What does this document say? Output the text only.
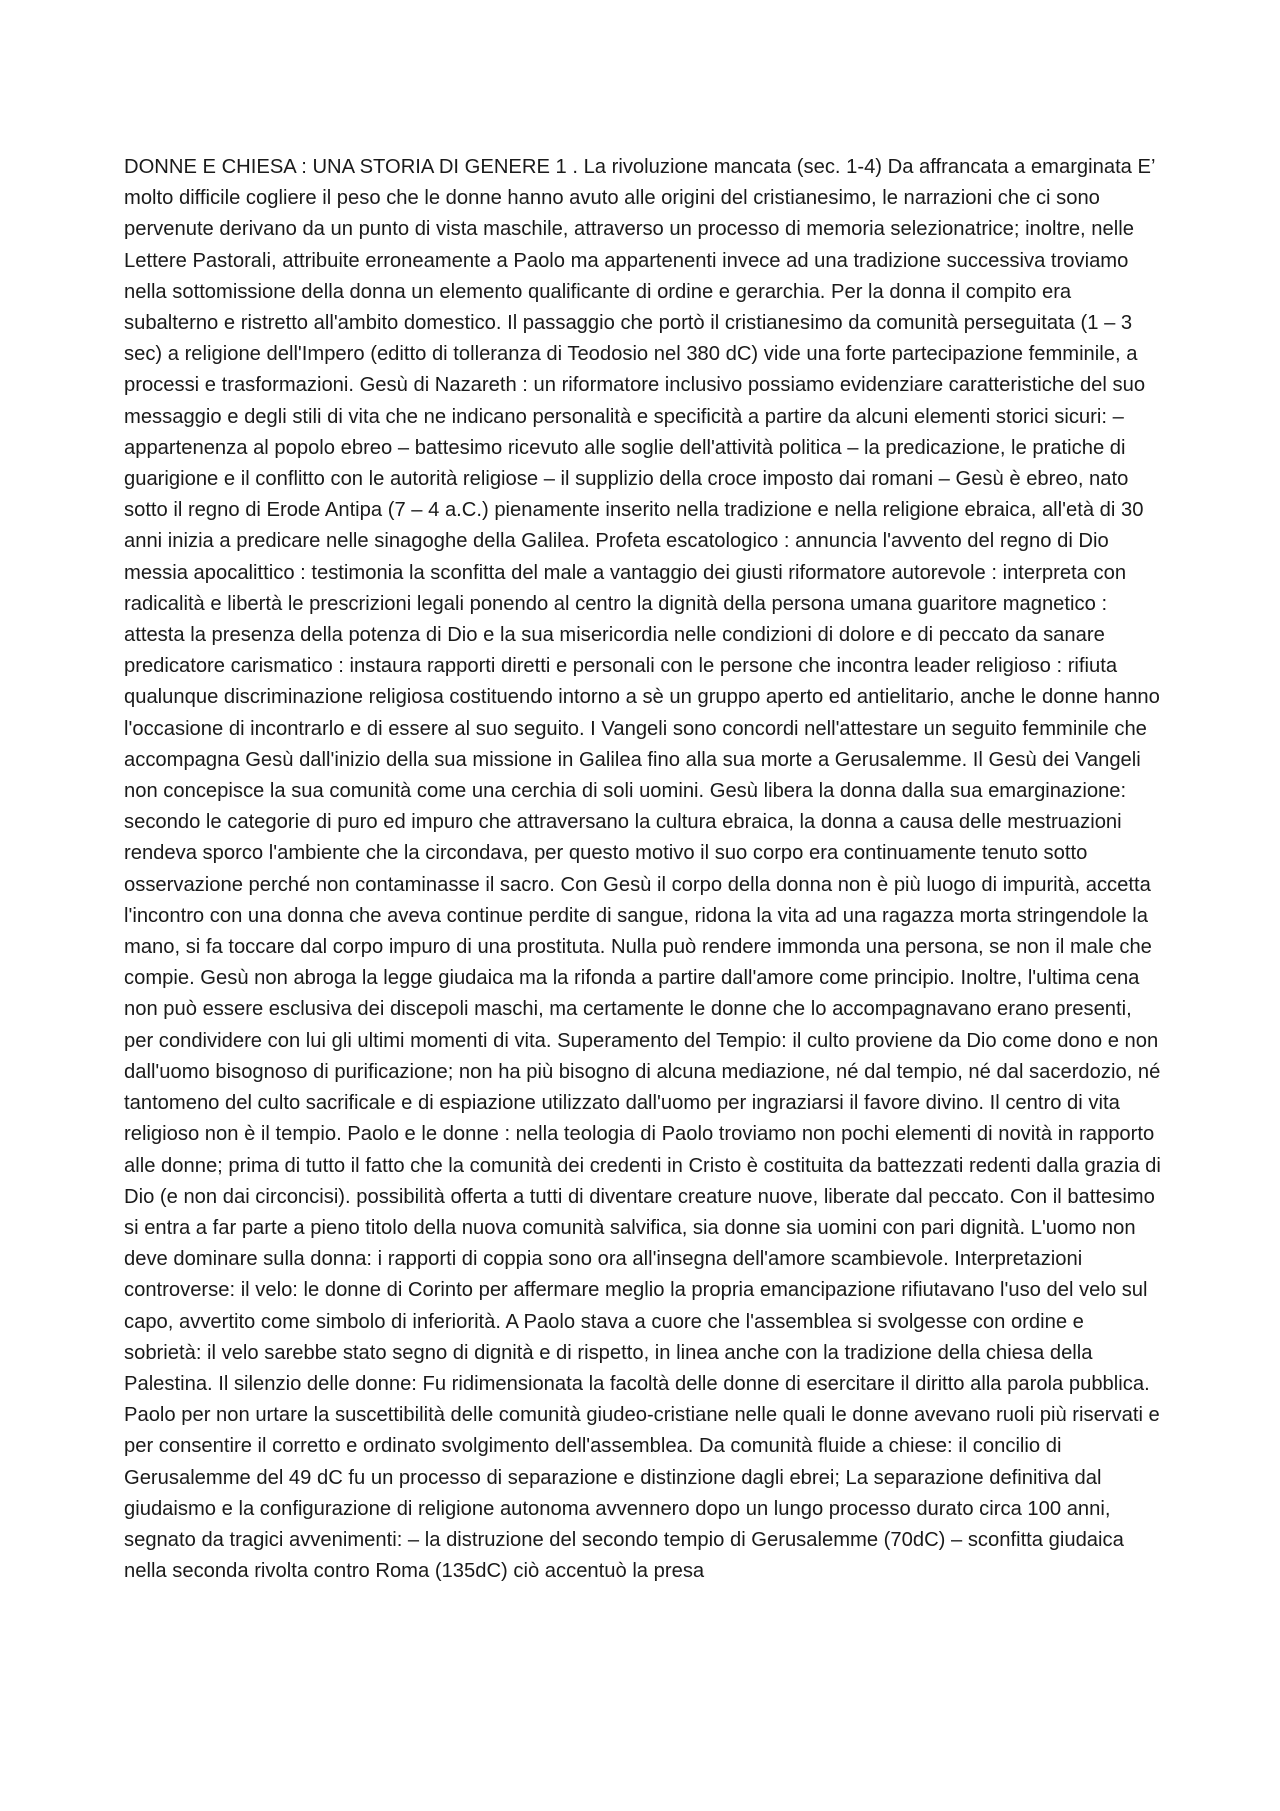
DONNE E CHIESA : UNA STORIA DI GENERE 1 . La rivoluzione mancata (sec. 1-4) Da affrancata a emarginata E’ molto difficile cogliere il peso che le donne hanno avuto alle origini del cristianesimo, le narrazioni che ci sono pervenute derivano da un punto di vista maschile, attraverso un processo di memoria selezionatrice; inoltre, nelle Lettere Pastorali, attribuite erroneamente a Paolo ma appartenenti invece ad una tradizione successiva troviamo nella sottomissione della donna un elemento qualificante di ordine e gerarchia. Per la donna il compito era subalterno e ristretto all'ambito domestico. Il passaggio che portò il cristianesimo da comunità perseguitata (1 – 3 sec) a religione dell'Impero (editto di tolleranza di Teodosio nel 380 dC) vide una forte partecipazione femminile, a processi e trasformazioni. Gesù di Nazareth : un riformatore inclusivo possiamo evidenziare caratteristiche del suo messaggio e degli stili di vita che ne indicano personalità e specificità a partire da alcuni elementi storici sicuri: – appartenenza al popolo ebreo – battesimo ricevuto alle soglie dell'attività politica – la predicazione, le pratiche di guarigione e il conflitto con le autorità religiose – il supplizio della croce imposto dai romani – Gesù è ebreo, nato sotto il regno di Erode Antipa (7 – 4 a.C.) pienamente inserito nella tradizione e nella religione ebraica, all'età di 30 anni inizia a predicare nelle sinagoghe della Galilea. Profeta escatologico : annuncia l'avvento del regno di Dio messia apocalittico : testimonia la sconfitta del male a vantaggio dei giusti riformatore autorevole : interpreta con radicalità e libertà le prescrizioni legali ponendo al centro la dignità della persona umana guaritore magnetico : attesta la presenza della potenza di Dio e la sua misericordia nelle condizioni di dolore e di peccato da sanare predicatore carismatico : instaura rapporti diretti e personali con le persone che incontra leader religioso : rifiuta qualunque discriminazione religiosa costituendo intorno a sè un gruppo aperto ed antielitario, anche le donne hanno l'occasione di incontrarlo e di essere al suo seguito. I Vangeli sono concordi nell'attestare un seguito femminile che accompagna Gesù dall'inizio della sua missione in Galilea fino alla sua morte a Gerusalemme. Il Gesù dei Vangeli non concepisce la sua comunità come una cerchia di soli uomini. Gesù libera la donna dalla sua emarginazione: secondo le categorie di puro ed impuro che attraversano la cultura ebraica, la donna a causa delle mestruazioni rendeva sporco l'ambiente che la circondava, per questo motivo il suo corpo era continuamente tenuto sotto osservazione perché non contaminasse il sacro. Con Gesù il corpo della donna non è più luogo di impurità, accetta l'incontro con una donna che aveva continue perdite di sangue, ridona la vita ad una ragazza morta stringendole la mano, si fa toccare dal corpo impuro di una prostituta. Nulla può rendere immonda una persona, se non il male che compie. Gesù non abroga la legge giudaica ma la rifonda a partire dall'amore come principio. Inoltre, l'ultima cena non può essere esclusiva dei discepoli maschi, ma certamente le donne che lo accompagnavano erano presenti, per condividere con lui gli ultimi momenti di vita. Superamento del Tempio: il culto proviene da Dio come dono e non dall'uomo bisognoso di purificazione; non ha più bisogno di alcuna mediazione, né dal tempio, né dal sacerdozio, né tantomeno del culto sacrificale e di espiazione utilizzato dall'uomo per ingraziarsi il favore divino. Il centro di vita religioso non è il tempio. Paolo e le donne : nella teologia di Paolo troviamo non pochi elementi di novità in rapporto alle donne; prima di tutto il fatto che la comunità dei credenti in Cristo è costituita da battezzati redenti dalla grazia di Dio (e non dai circoncisi). possibilità offerta a tutti di diventare creature nuove, liberate dal peccato. Con il battesimo si entra a far parte a pieno titolo della nuova comunità salvifica, sia donne sia uomini con pari dignità. L'uomo non deve dominare sulla donna: i rapporti di coppia sono ora all'insegna dell'amore scambievole. Interpretazioni controverse: il velo: le donne di Corinto per affermare meglio la propria emancipazione rifiutavano l'uso del velo sul capo, avvertito come simbolo di inferiorità. A Paolo stava a cuore che l'assemblea si svolgesse con ordine e sobrietà: il velo sarebbe stato segno di dignità e di rispetto, in linea anche con la tradizione della chiesa della Palestina. Il silenzio delle donne: Fu ridimensionata la facoltà delle donne di esercitare il diritto alla parola pubblica. Paolo per non urtare la suscettibilità delle comunità giudeo-cristiane nelle quali le donne avevano ruoli più riservati e per consentire il corretto e ordinato svolgimento dell'assemblea. Da comunità fluide a chiese: il concilio di Gerusalemme del 49 dC fu un processo di separazione e distinzione dagli ebrei; La separazione definitiva dal giudaismo e la configurazione di religione autonoma avvennero dopo un lungo processo durato circa 100 anni, segnato da tragici avvenimenti: – la distruzione del secondo tempio di Gerusalemme (70dC) – sconfitta giudaica nella seconda rivolta contro Roma (135dC) ciò accentuò la presa
